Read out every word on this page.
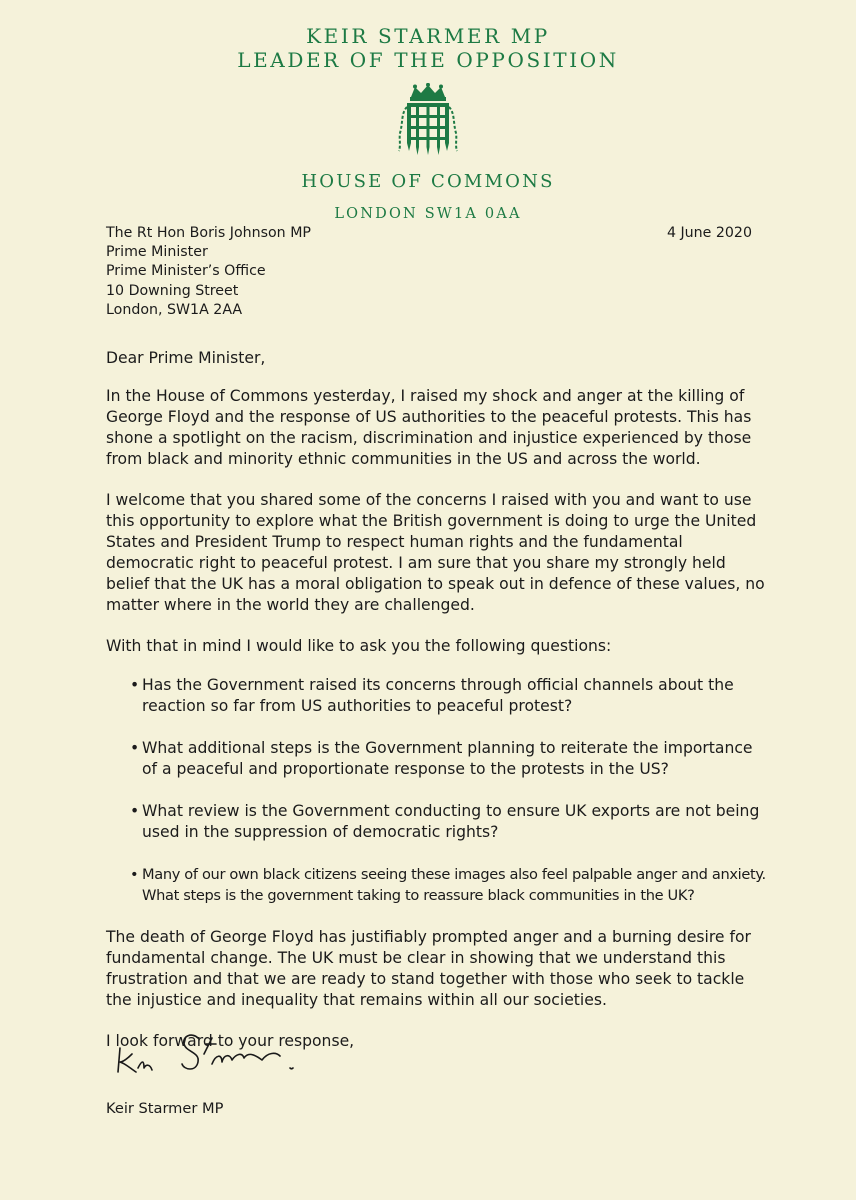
KEIR STARMER MP
LEADER OF THE OPPOSITION
HOUSE OF COMMONS
LONDON SW1A 0AA
The Rt Hon Boris Johnson MP
Prime Minister
Prime Minister’s Office
10 Downing Street
London, SW1A 2AA
4 June 2020

Dear Prime Minister,

In the House of Commons yesterday, I raised my shock and anger at the killing of George Floyd and the response of US authorities to the peaceful protests. This has shone a spotlight on the racism, discrimination and injustice experienced by those from black and minority ethnic communities in the US and across the world.

I welcome that you shared some of the concerns I raised with you and want to use this opportunity to explore what the British government is doing to urge the United States and President Trump to respect human rights and the fundamental democratic right to peaceful protest. I am sure that you share my strongly held belief that the UK has a moral obligation to speak out in defence of these values, no matter where in the world they are challenged.

With that in mind I would like to ask you the following questions:

• Has the Government raised its concerns through official channels about the reaction so far from US authorities to peaceful protest?
• What additional steps is the Government planning to reiterate the importance of a peaceful and proportionate response to the protests in the US?
• What review is the Government conducting to ensure UK exports are not being used in the suppression of democratic rights?
• Many of our own black citizens seeing these images also feel palpable anger and anxiety. What steps is the government taking to reassure black communities in the UK?

The death of George Floyd has justifiably prompted anger and a burning desire for fundamental change. The UK must be clear in showing that we understand this frustration and that we are ready to stand together with those who seek to tackle the injustice and inequality that remains within all our societies.

I look forward to your response,

Keir Starmer MP
